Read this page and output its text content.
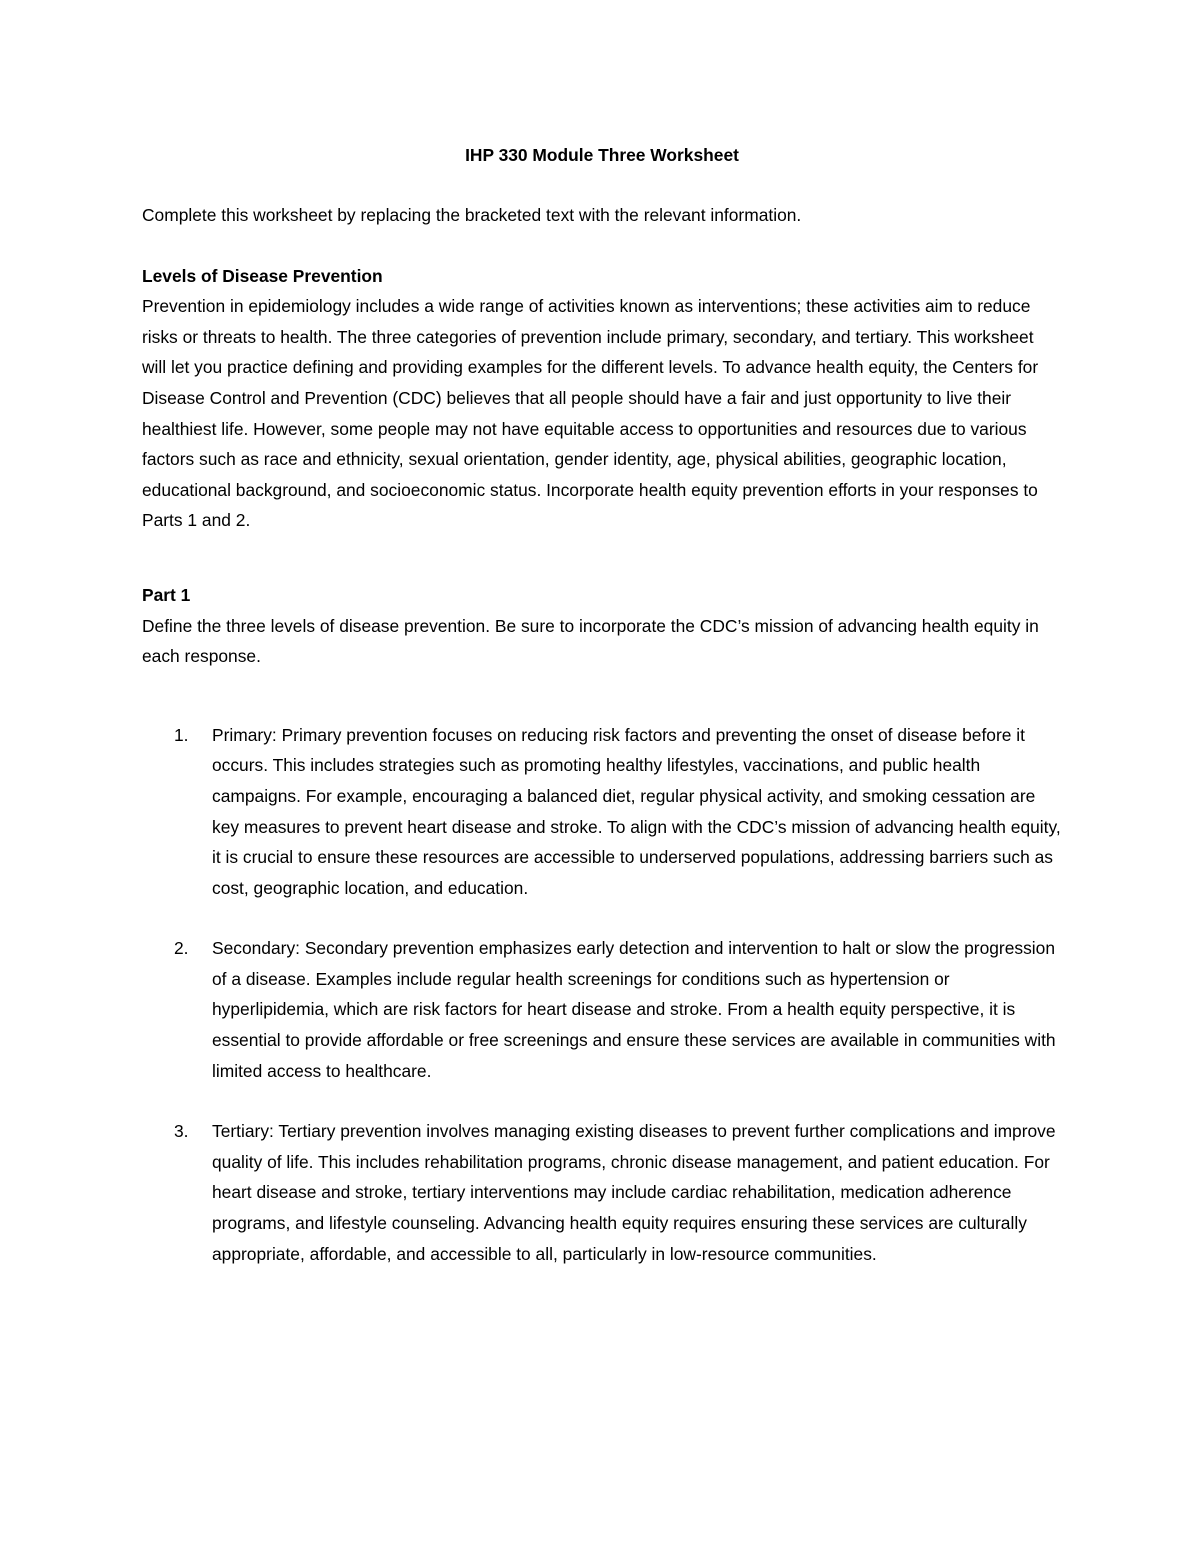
IHP 330 Module Three Worksheet

Complete this worksheet by replacing the bracketed text with the relevant information.

Levels of Disease Prevention

Prevention in epidemiology includes a wide range of activities known as interventions; these activities aim to reduce risks or threats to health. The three categories of prevention include primary, secondary, and tertiary. This worksheet will let you practice defining and providing examples for the different levels. To advance health equity, the Centers for Disease Control and Prevention (CDC) believes that all people should have a fair and just opportunity to live their healthiest life. However, some people may not have equitable access to opportunities and resources due to various factors such as race and ethnicity, sexual orientation, gender identity, age, physical abilities, geographic location, educational background, and socioeconomic status. Incorporate health equity prevention efforts in your responses to Parts 1 and 2.

Part 1

Define the three levels of disease prevention. Be sure to incorporate the CDC’s mission of advancing health equity in each response.

1. Primary: Primary prevention focuses on reducing risk factors and preventing the onset of disease before it occurs. This includes strategies such as promoting healthy lifestyles, vaccinations, and public health campaigns. For example, encouraging a balanced diet, regular physical activity, and smoking cessation are key measures to prevent heart disease and stroke. To align with the CDC’s mission of advancing health equity, it is crucial to ensure these resources are accessible to underserved populations, addressing barriers such as cost, geographic location, and education.
2. Secondary: Secondary prevention emphasizes early detection and intervention to halt or slow the progression of a disease. Examples include regular health screenings for conditions such as hypertension or hyperlipidemia, which are risk factors for heart disease and stroke. From a health equity perspective, it is essential to provide affordable or free screenings and ensure these services are available in communities with limited access to healthcare.
3. Tertiary: Tertiary prevention involves managing existing diseases to prevent further complications and improve quality of life. This includes rehabilitation programs, chronic disease management, and patient education. For heart disease and stroke, tertiary interventions may include cardiac rehabilitation, medication adherence programs, and lifestyle counseling. Advancing health equity requires ensuring these services are culturally appropriate, affordable, and accessible to all, particularly in low-resource communities.
